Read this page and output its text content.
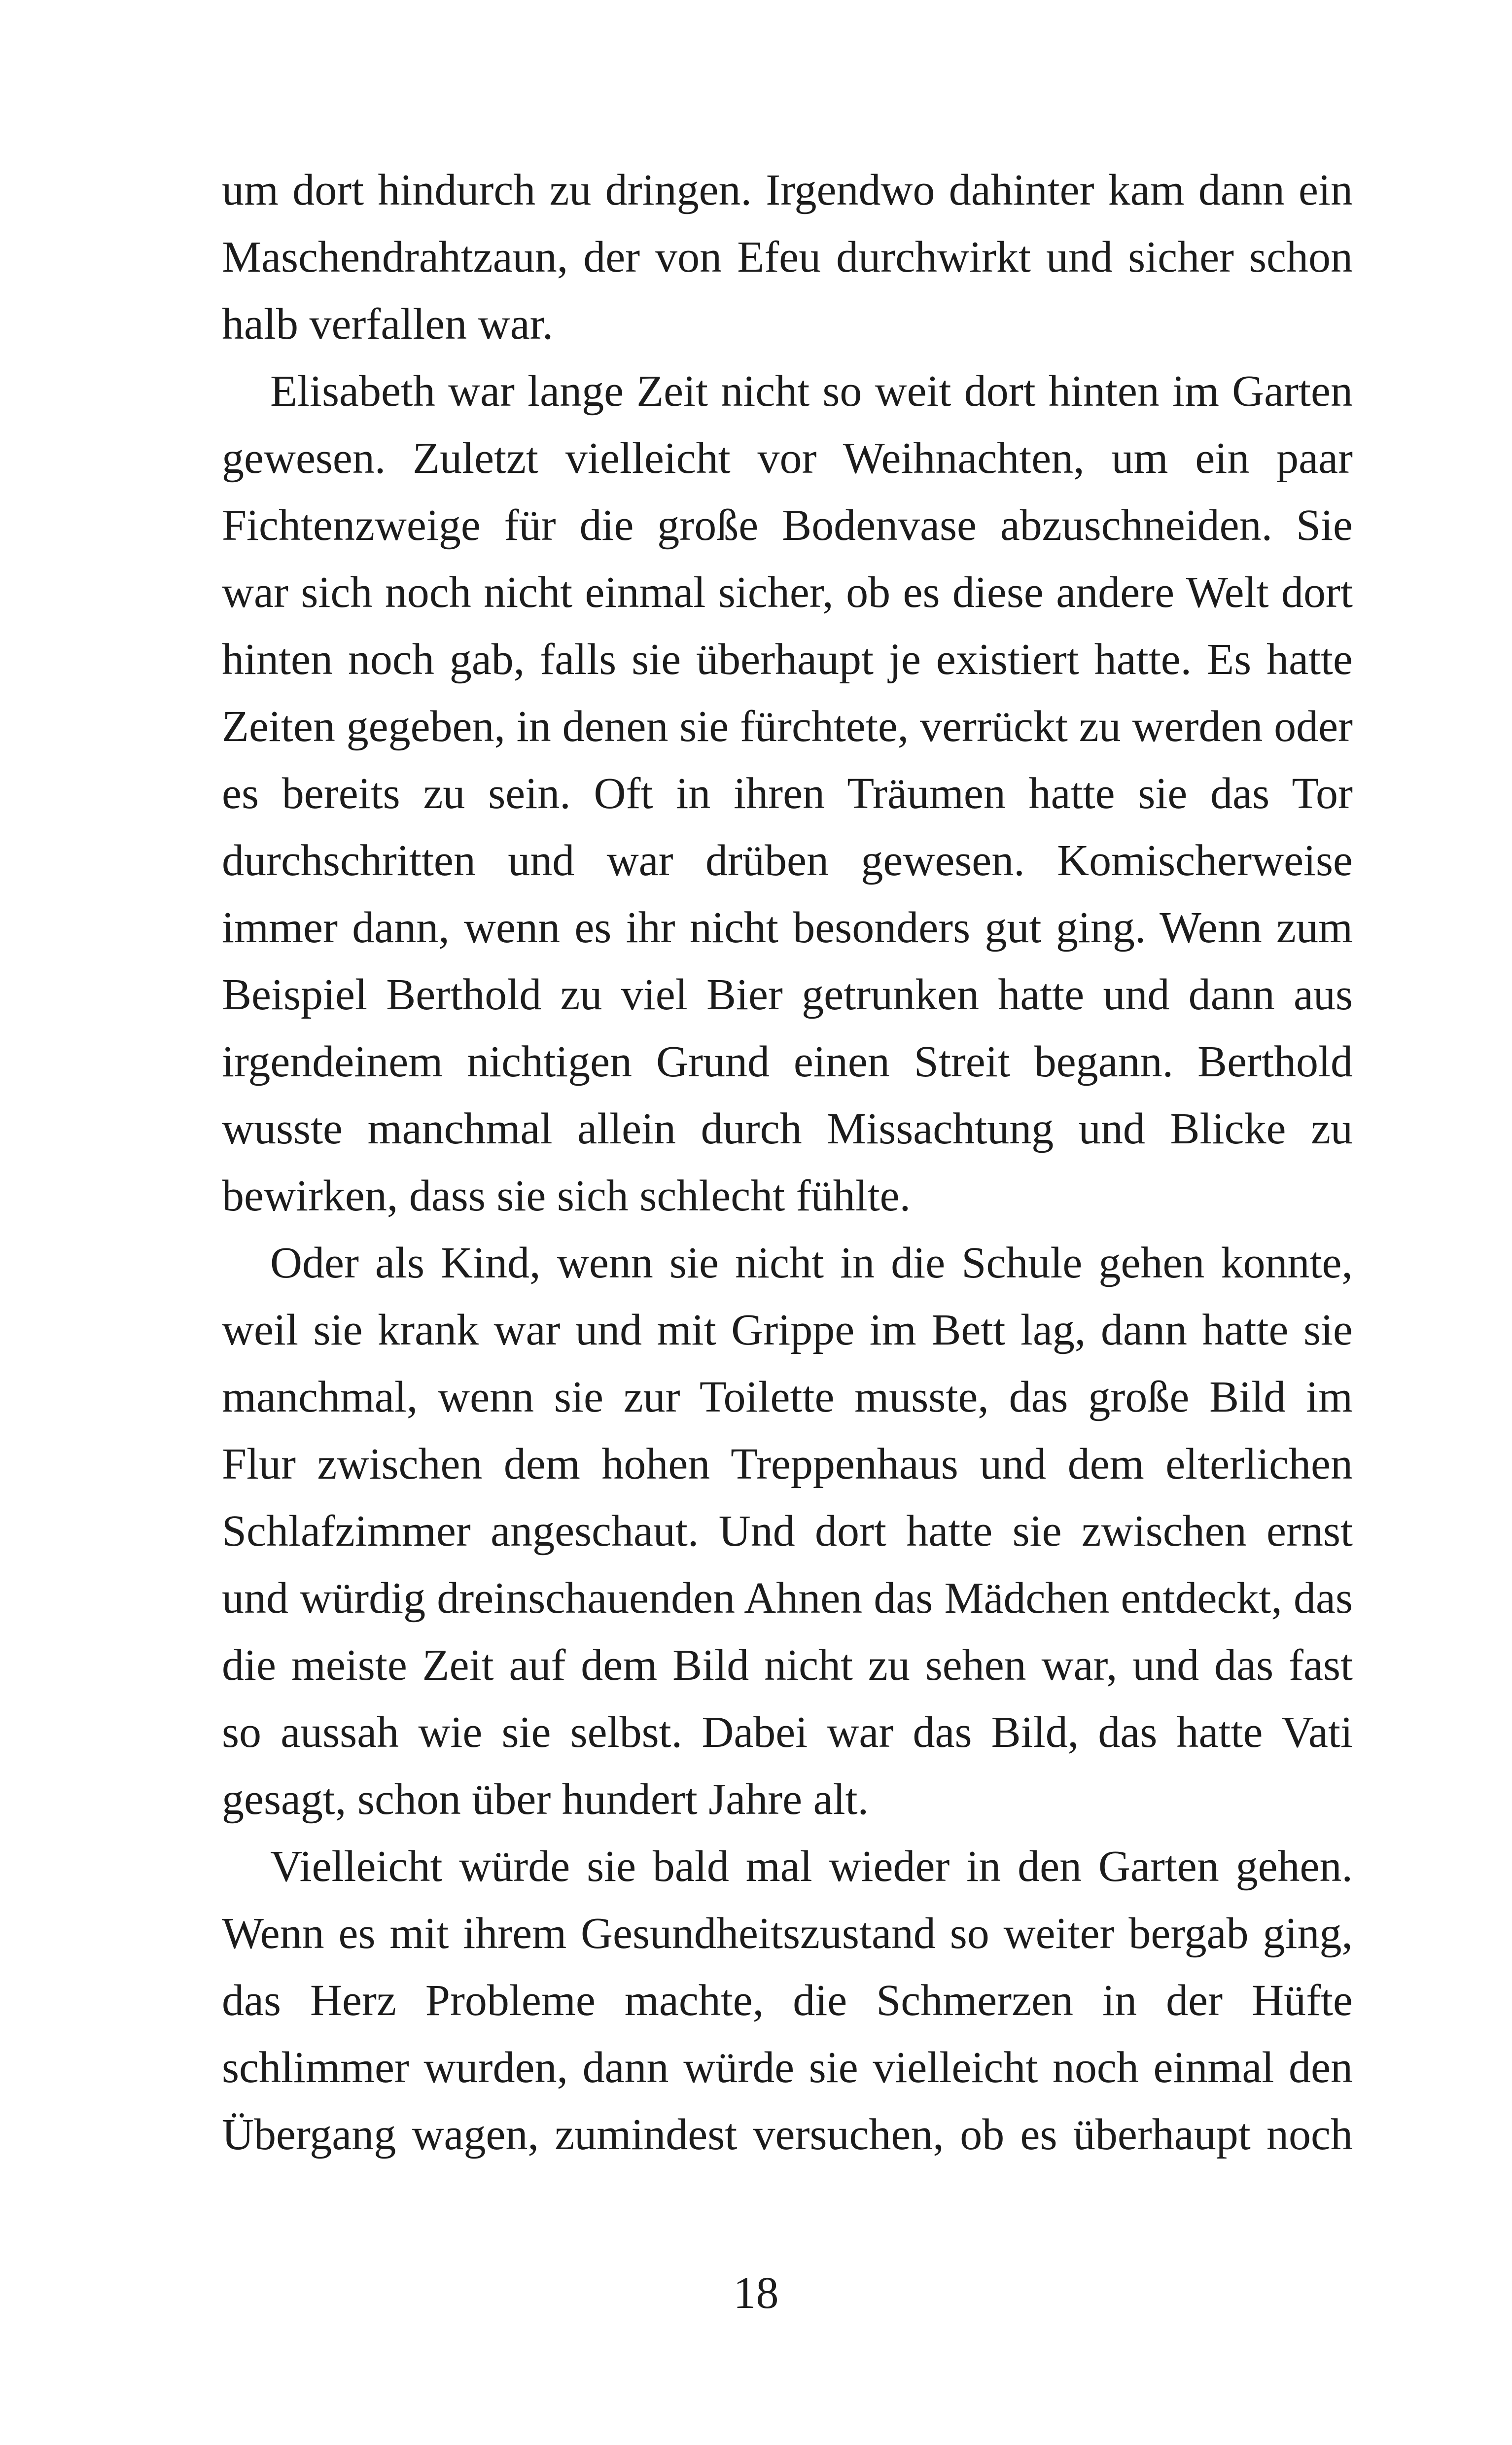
um dort hindurch zu dringen. Irgendwo dahinter kam dann ein Maschendrahtzaun, der von Efeu durchwirkt und sicher schon halb verfallen war.

Elisabeth war lange Zeit nicht so weit dort hinten im Garten gewesen. Zuletzt vielleicht vor Weihnachten, um ein paar Fichtenzweige für die große Bodenvase abzuschneiden. Sie war sich noch nicht einmal sicher, ob es diese andere Welt dort hinten noch gab, falls sie überhaupt je existiert hatte. Es hatte Zeiten gegeben, in denen sie fürchtete, verrückt zu werden oder es bereits zu sein. Oft in ihren Träumen hatte sie das Tor durchschritten und war drüben gewesen. Komischerweise immer dann, wenn es ihr nicht besonders gut ging. Wenn zum Beispiel Berthold zu viel Bier getrunken hatte und dann aus irgendeinem nichtigen Grund einen Streit begann. Berthold wusste manchmal allein durch Missachtung und Blicke zu bewirken, dass sie sich schlecht fühlte.

Oder als Kind, wenn sie nicht in die Schule gehen konnte, weil sie krank war und mit Grippe im Bett lag, dann hatte sie manchmal, wenn sie zur Toilette musste, das große Bild im Flur zwischen dem hohen Treppenhaus und dem elterlichen Schlafzimmer angeschaut. Und dort hatte sie zwischen ernst und würdig dreinschauenden Ahnen das Mädchen entdeckt, das die meiste Zeit auf dem Bild nicht zu sehen war, und das fast so aussah wie sie selbst. Dabei war das Bild, das hatte Vati gesagt, schon über hundert Jahre alt.

Vielleicht würde sie bald mal wieder in den Garten gehen. Wenn es mit ihrem Gesundheitszustand so weiter bergab ging, das Herz Probleme machte, die Schmerzen in der Hüfte schlimmer wurden, dann würde sie vielleicht noch einmal den Übergang wagen, zumindest versuchen, ob es überhaupt noch

18
